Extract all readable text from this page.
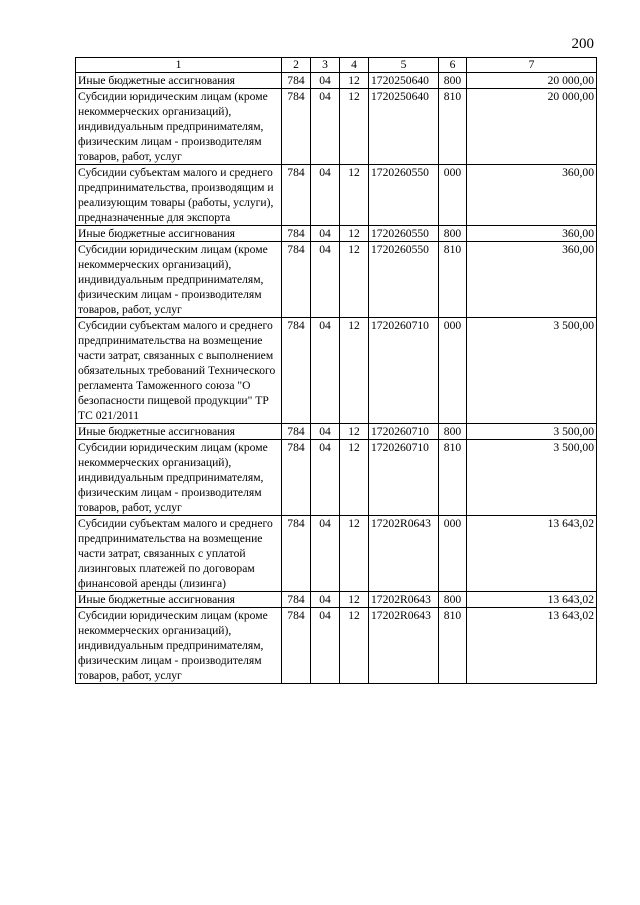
200
1	2	3	4	5	6	7
Иные бюджетные ассигнования	784	04	12	1720250640	800	20 000,00
Субсидии юридическим лицам (кроме некоммерческих организаций), индивидуальным предпринимателям, физическим лицам - производителям товаров, работ, услуг	784	04	12	1720250640	810	20 000,00
Субсидии субъектам малого и среднего предпринимательства, производящим и реализующим товары (работы, услуги), предназначенные для экспорта	784	04	12	1720260550	000	360,00
Иные бюджетные ассигнования	784	04	12	1720260550	800	360,00
Субсидии юридическим лицам (кроме некоммерческих организаций), индивидуальным предпринимателям, физическим лицам - производителям товаров, работ, услуг	784	04	12	1720260550	810	360,00
Субсидии субъектам малого и среднего предпринимательства на возмещение части затрат, связанных с выполнением обязательных требований Технического регламента Таможенного союза "О безопасности пищевой продукции" ТР ТС 021/2011	784	04	12	1720260710	000	3 500,00
Иные бюджетные ассигнования	784	04	12	1720260710	800	3 500,00
Субсидии юридическим лицам (кроме некоммерческих организаций), индивидуальным предпринимателям, физическим лицам - производителям товаров, работ, услуг	784	04	12	1720260710	810	3 500,00
Субсидии субъектам малого и среднего предпринимательства на возмещение части затрат, связанных с уплатой лизинговых платежей по договорам финансовой аренды (лизинга)	784	04	12	17202R0643	000	13 643,02
Иные бюджетные ассигнования	784	04	12	17202R0643	800	13 643,02
Субсидии юридическим лицам (кроме некоммерческих организаций), индивидуальным предпринимателям, физическим лицам - производителям товаров, работ, услуг	784	04	12	17202R0643	810	13 643,02
